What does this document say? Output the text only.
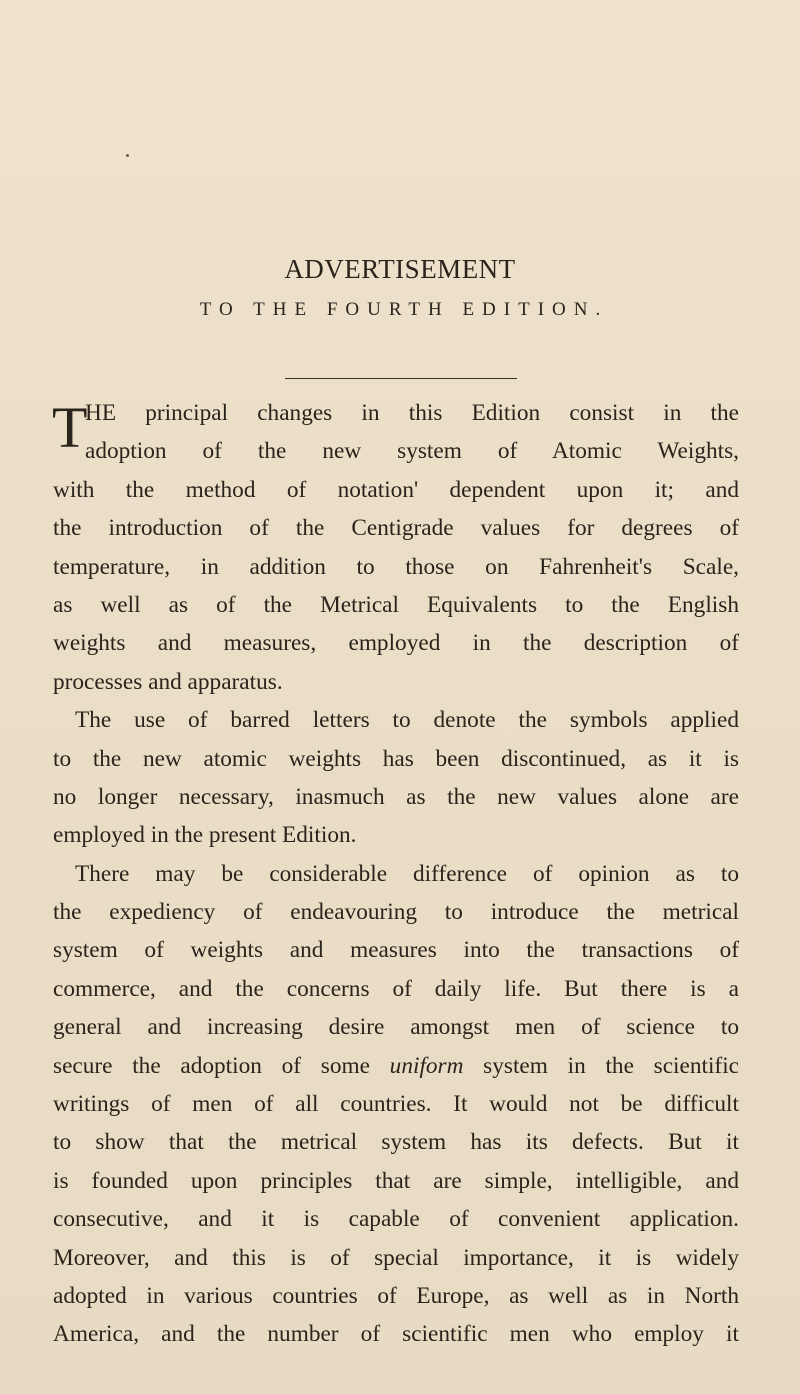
ADVERTISEMENT
TO THE FOURTH EDITION.
T
HE principal changes in this Edition consist in the
adoption of the new system of Atomic Weights,
with the method of notation' dependent upon it; and
the introduction of the Centigrade values for degrees of
temperature, in addition to those on Fahrenheit's Scale,
as well as of the Metrical Equivalents to the English
weights and measures, employed in the description of
processes and apparatus.
The use of barred letters to denote the symbols applied
to the new atomic weights has been discontinued, as it is
no longer necessary, inasmuch as the new values alone are
employed in the present Edition.
There may be considerable difference of opinion as to
the expediency of endeavouring to introduce the metrical
system of weights and measures into the transactions of
commerce, and the concerns of daily life. But there is a
general and increasing desire amongst men of science to
secure the adoption of some uniform system in the scientific
writings of men of all countries. It would not be difficult
to show that the metrical system has its defects. But it
is founded upon principles that are simple, intelligible, and
consecutive, and it is capable of convenient application.
Moreover, and this is of special importance, it is widely
adopted in various countries of Europe, as well as in North
America, and the number of scientific men who employ it
